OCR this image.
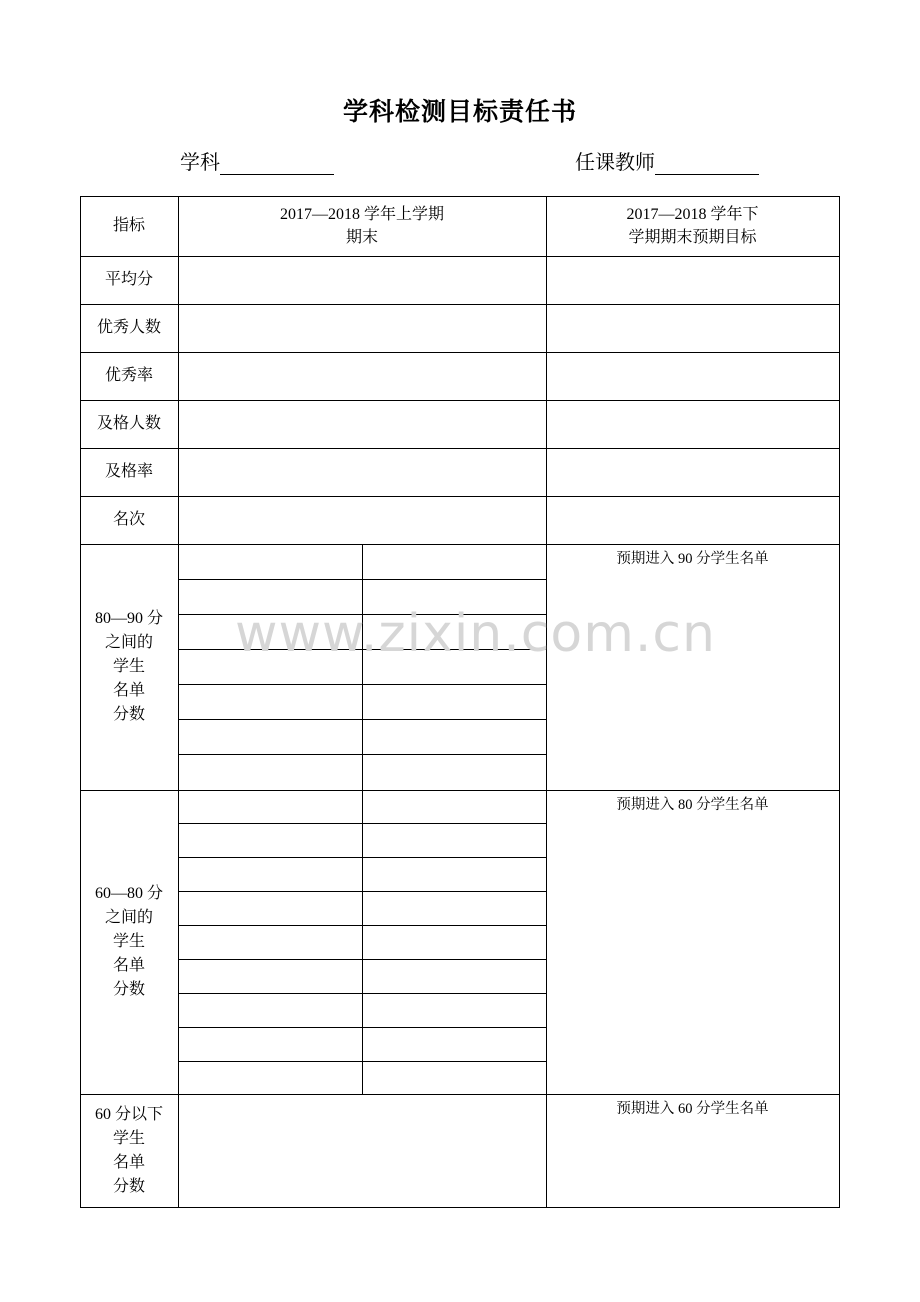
学科检测目标责任书
学科	任课教师
指标
2017—2018 学年上学期
期末
2017—2018 学年下
学期期末预期目标
平均分
优秀人数
优秀率
及格人数
及格率
名次
80—90 分
之间的
学生
名单
分数
60—80 分
之间的
学生
名单
分数
60 分以下
学生
名单
分数
预期进入 90 分学生名单
预期进入 80 分学生名单
预期进入 60 分学生名单
www.zixin.com.cn
